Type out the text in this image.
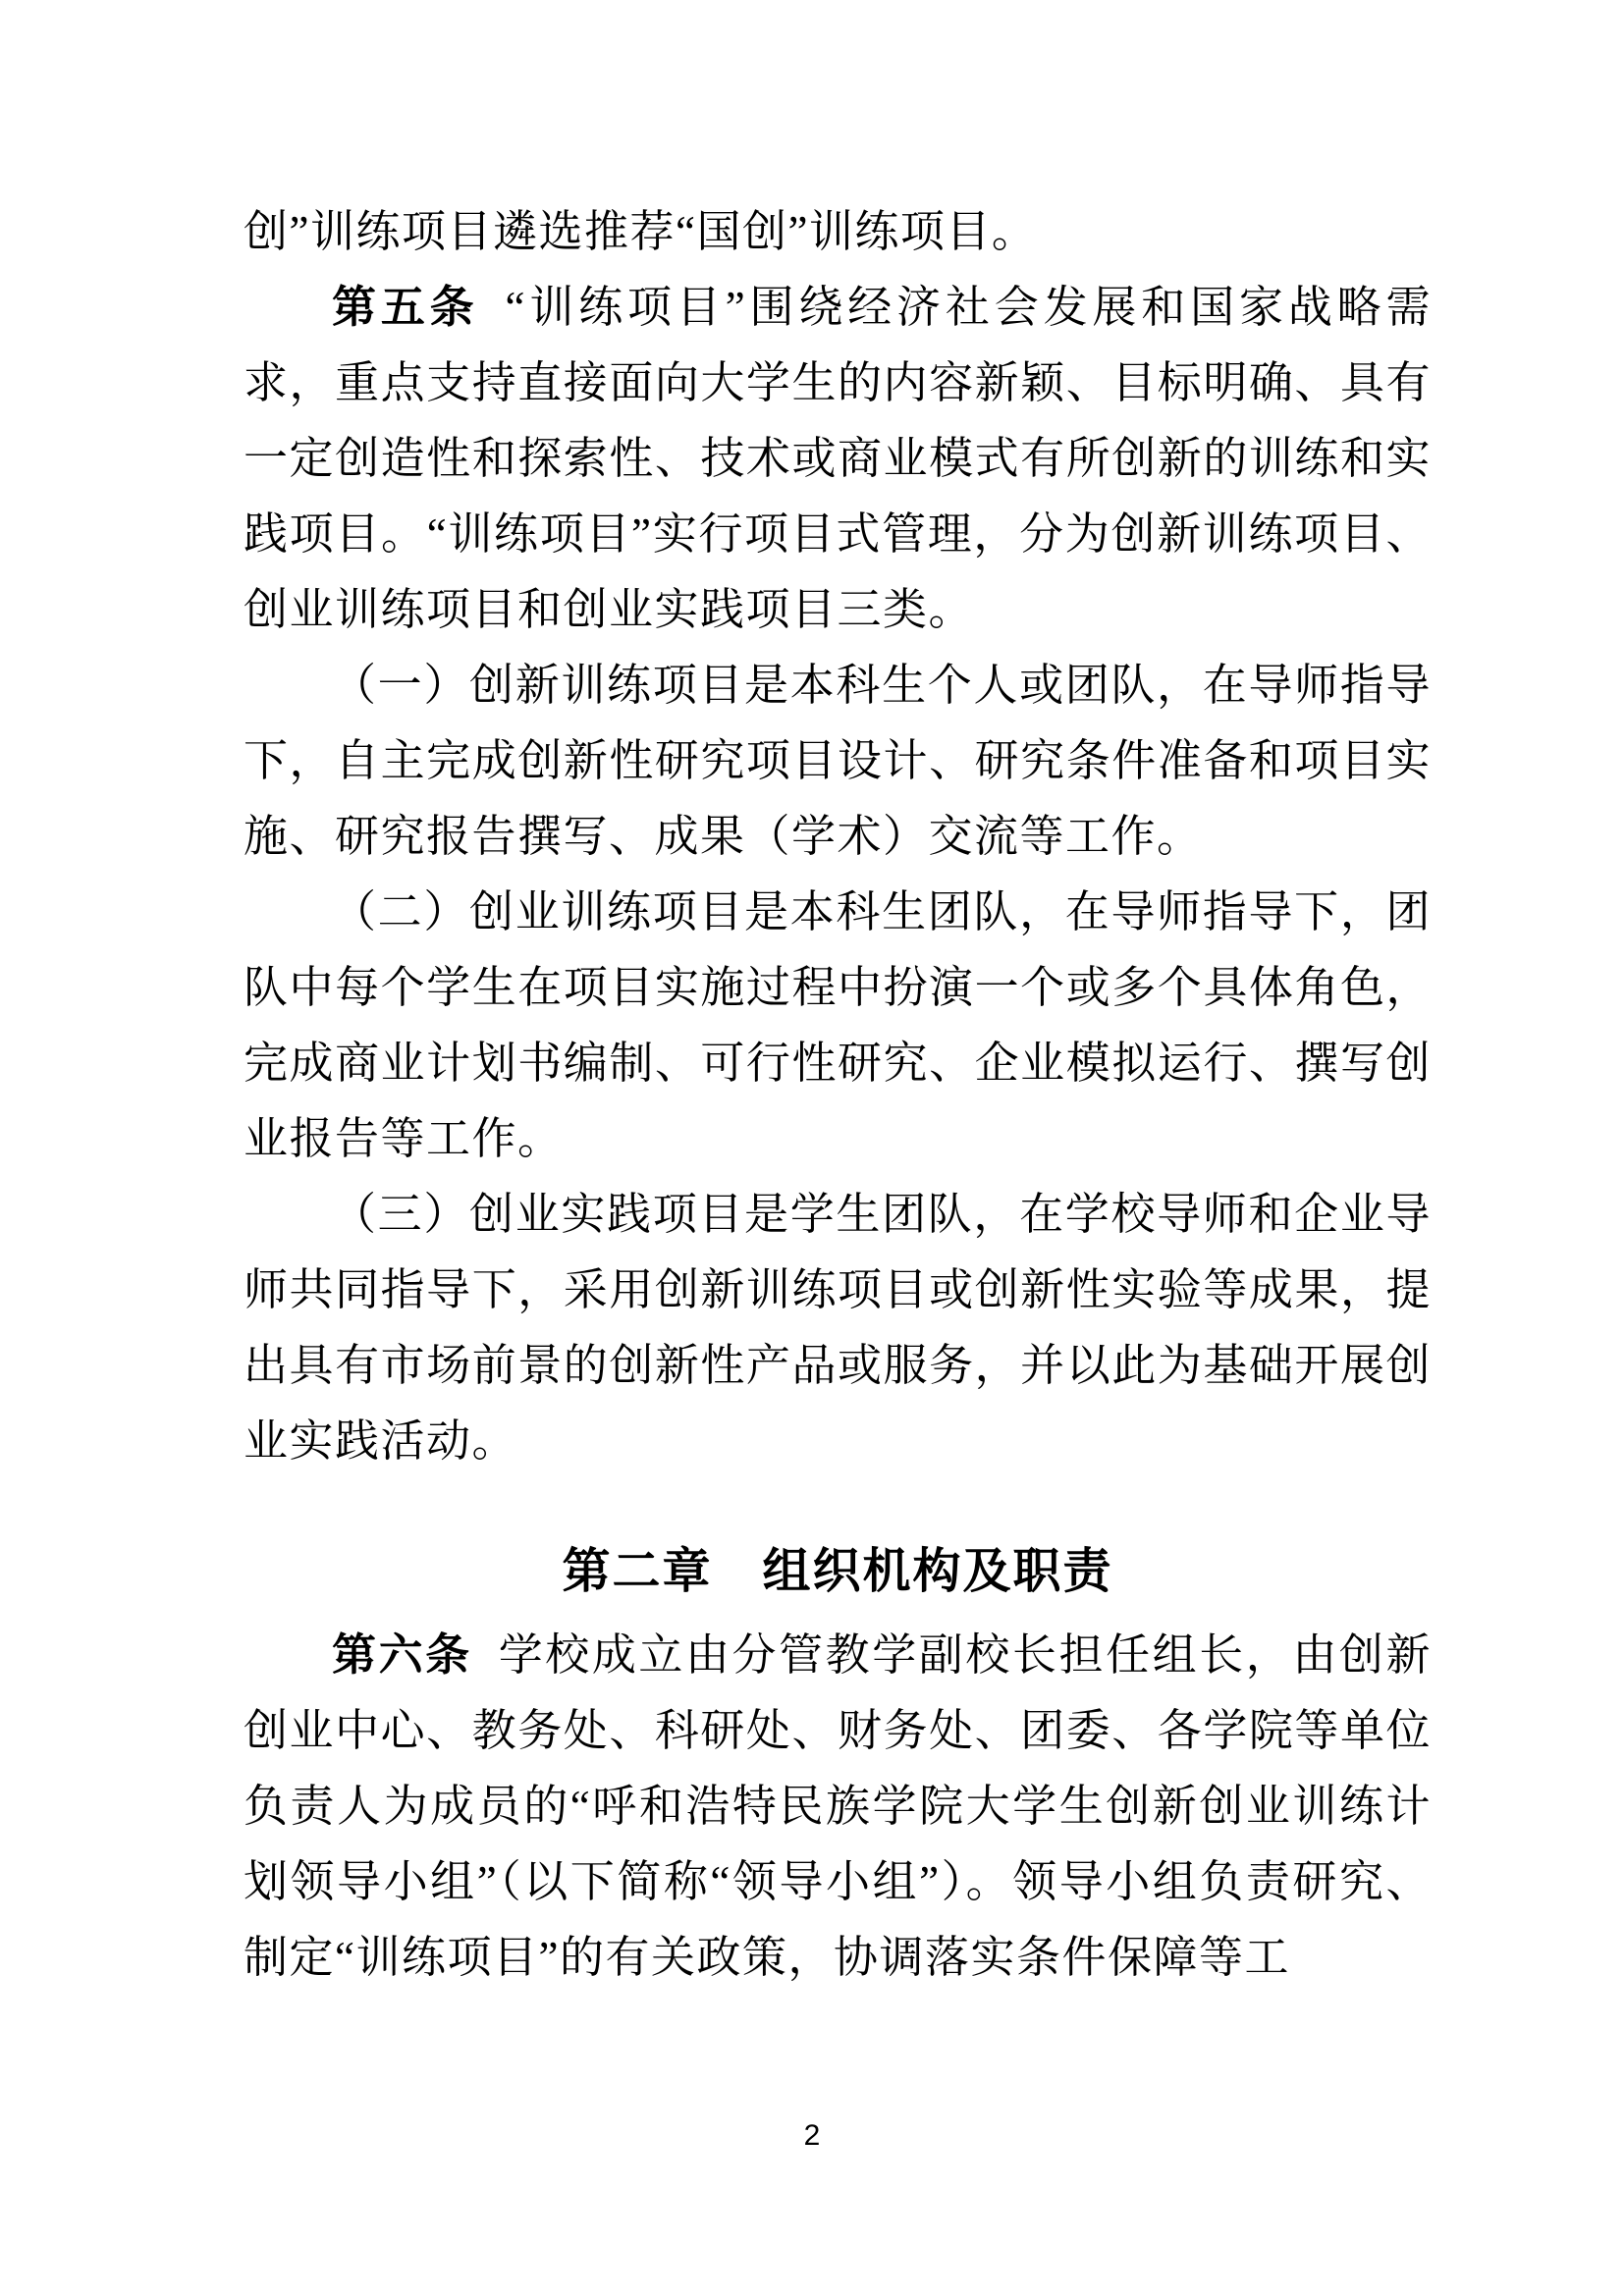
创”训练项目遴选推荐“国创”训练项目。

第五条 “训练项目”围绕经济社会发展和国家战略需求，重点支持直接面向大学生的内容新颖、目标明确、具有一定创造性和探索性、技术或商业模式有所创新的训练和实践项目。“训练项目”实行项目式管理，分为创新训练项目、创业训练项目和创业实践项目三类。

（一）创新训练项目是本科生个人或团队，在导师指导下，自主完成创新性研究项目设计、研究条件准备和项目实施、研究报告撰写、成果（学术）交流等工作。

（二）创业训练项目是本科生团队，在导师指导下，团队中每个学生在项目实施过程中扮演一个或多个具体角色，完成商业计划书编制、可行性研究、企业模拟运行、撰写创业报告等工作。

（三）创业实践项目是学生团队，在学校导师和企业导师共同指导下，采用创新训练项目或创新性实验等成果，提出具有市场前景的创新性产品或服务，并以此为基础开展创业实践活动。

第二章　组织机构及职责

第六条 学校成立由分管教学副校长担任组长，由创新创业中心、教务处、科研处、财务处、团委、各学院等单位负责人为成员的“呼和浩特民族学院大学生创新创业训练计划领导小组”（以下简称“领导小组”）。领导小组负责研究、制定“训练项目”的有关政策，协调落实条件保障等工

2
